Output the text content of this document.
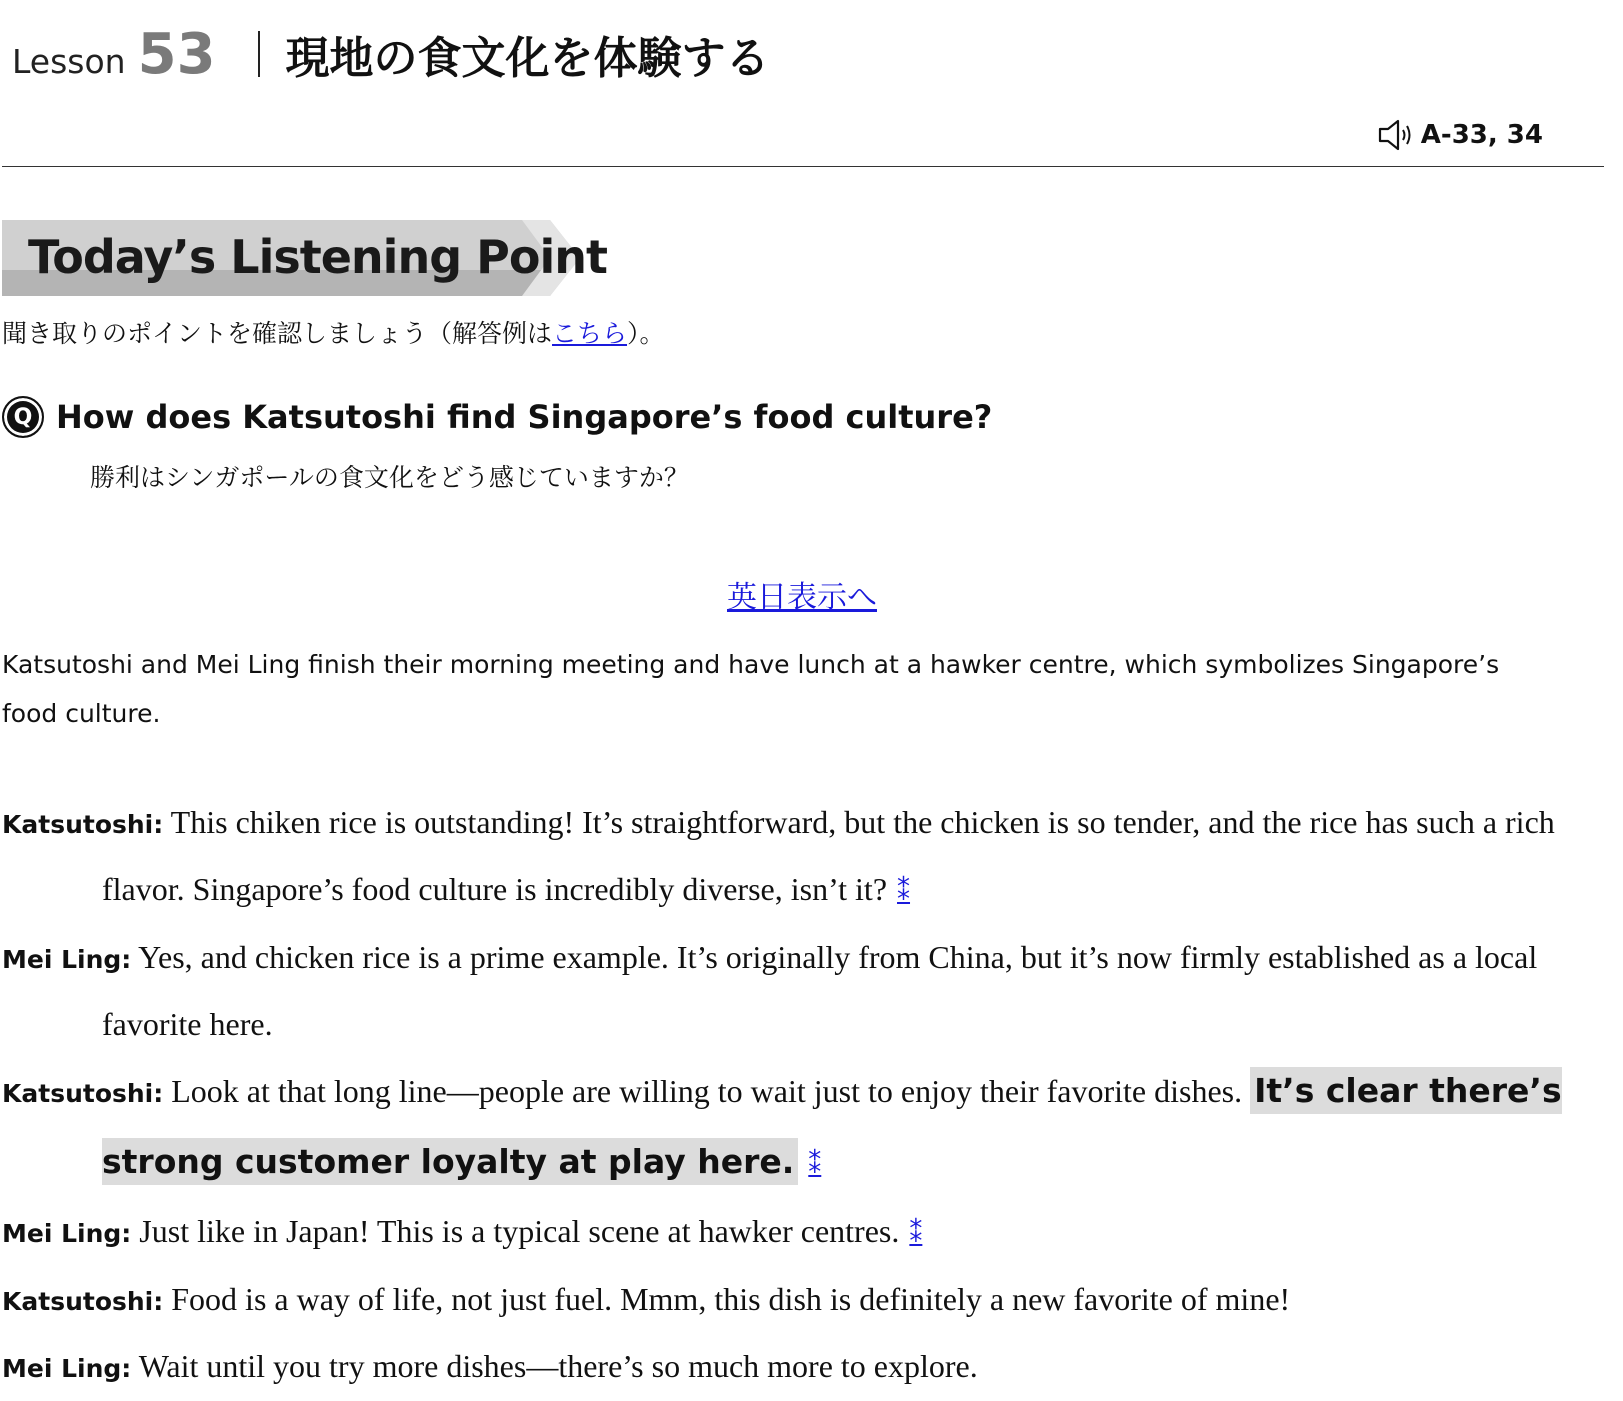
Lesson 53 現地の食文化を体験する
A-33, 34
Today’s Listening Point
聞き取りのポイントを確認しましょう（解答例はこちら）。
Q How does Katsutoshi find Singapore’s food culture?
勝利はシンガポールの食文化をどう感じていますか？
英日表示へ
Katsutoshi and Mei Ling finish their morning meeting and have lunch at a hawker centre, which symbolizes Singapore’s food culture.
Katsutoshi: This chiken rice is outstanding! It’s straightforward, but the chicken is so tender, and the rice has such a rich flavor. Singapore’s food culture is incredibly diverse, isn’t it? ⁑
Mei Ling: Yes, and chicken rice is a prime example. It’s originally from China, but it’s now firmly established as a local favorite here.
Katsutoshi: Look at that long line—people are willing to wait just to enjoy their favorite dishes. It’s clear there’s strong customer loyalty at play here. ⁑
Mei Ling: Just like in Japan! This is a typical scene at hawker centres. ⁑
Katsutoshi: Food is a way of life, not just fuel. Mmm, this dish is definitely a new favorite of mine!
Mei Ling: Wait until you try more dishes—there’s so much more to explore.
